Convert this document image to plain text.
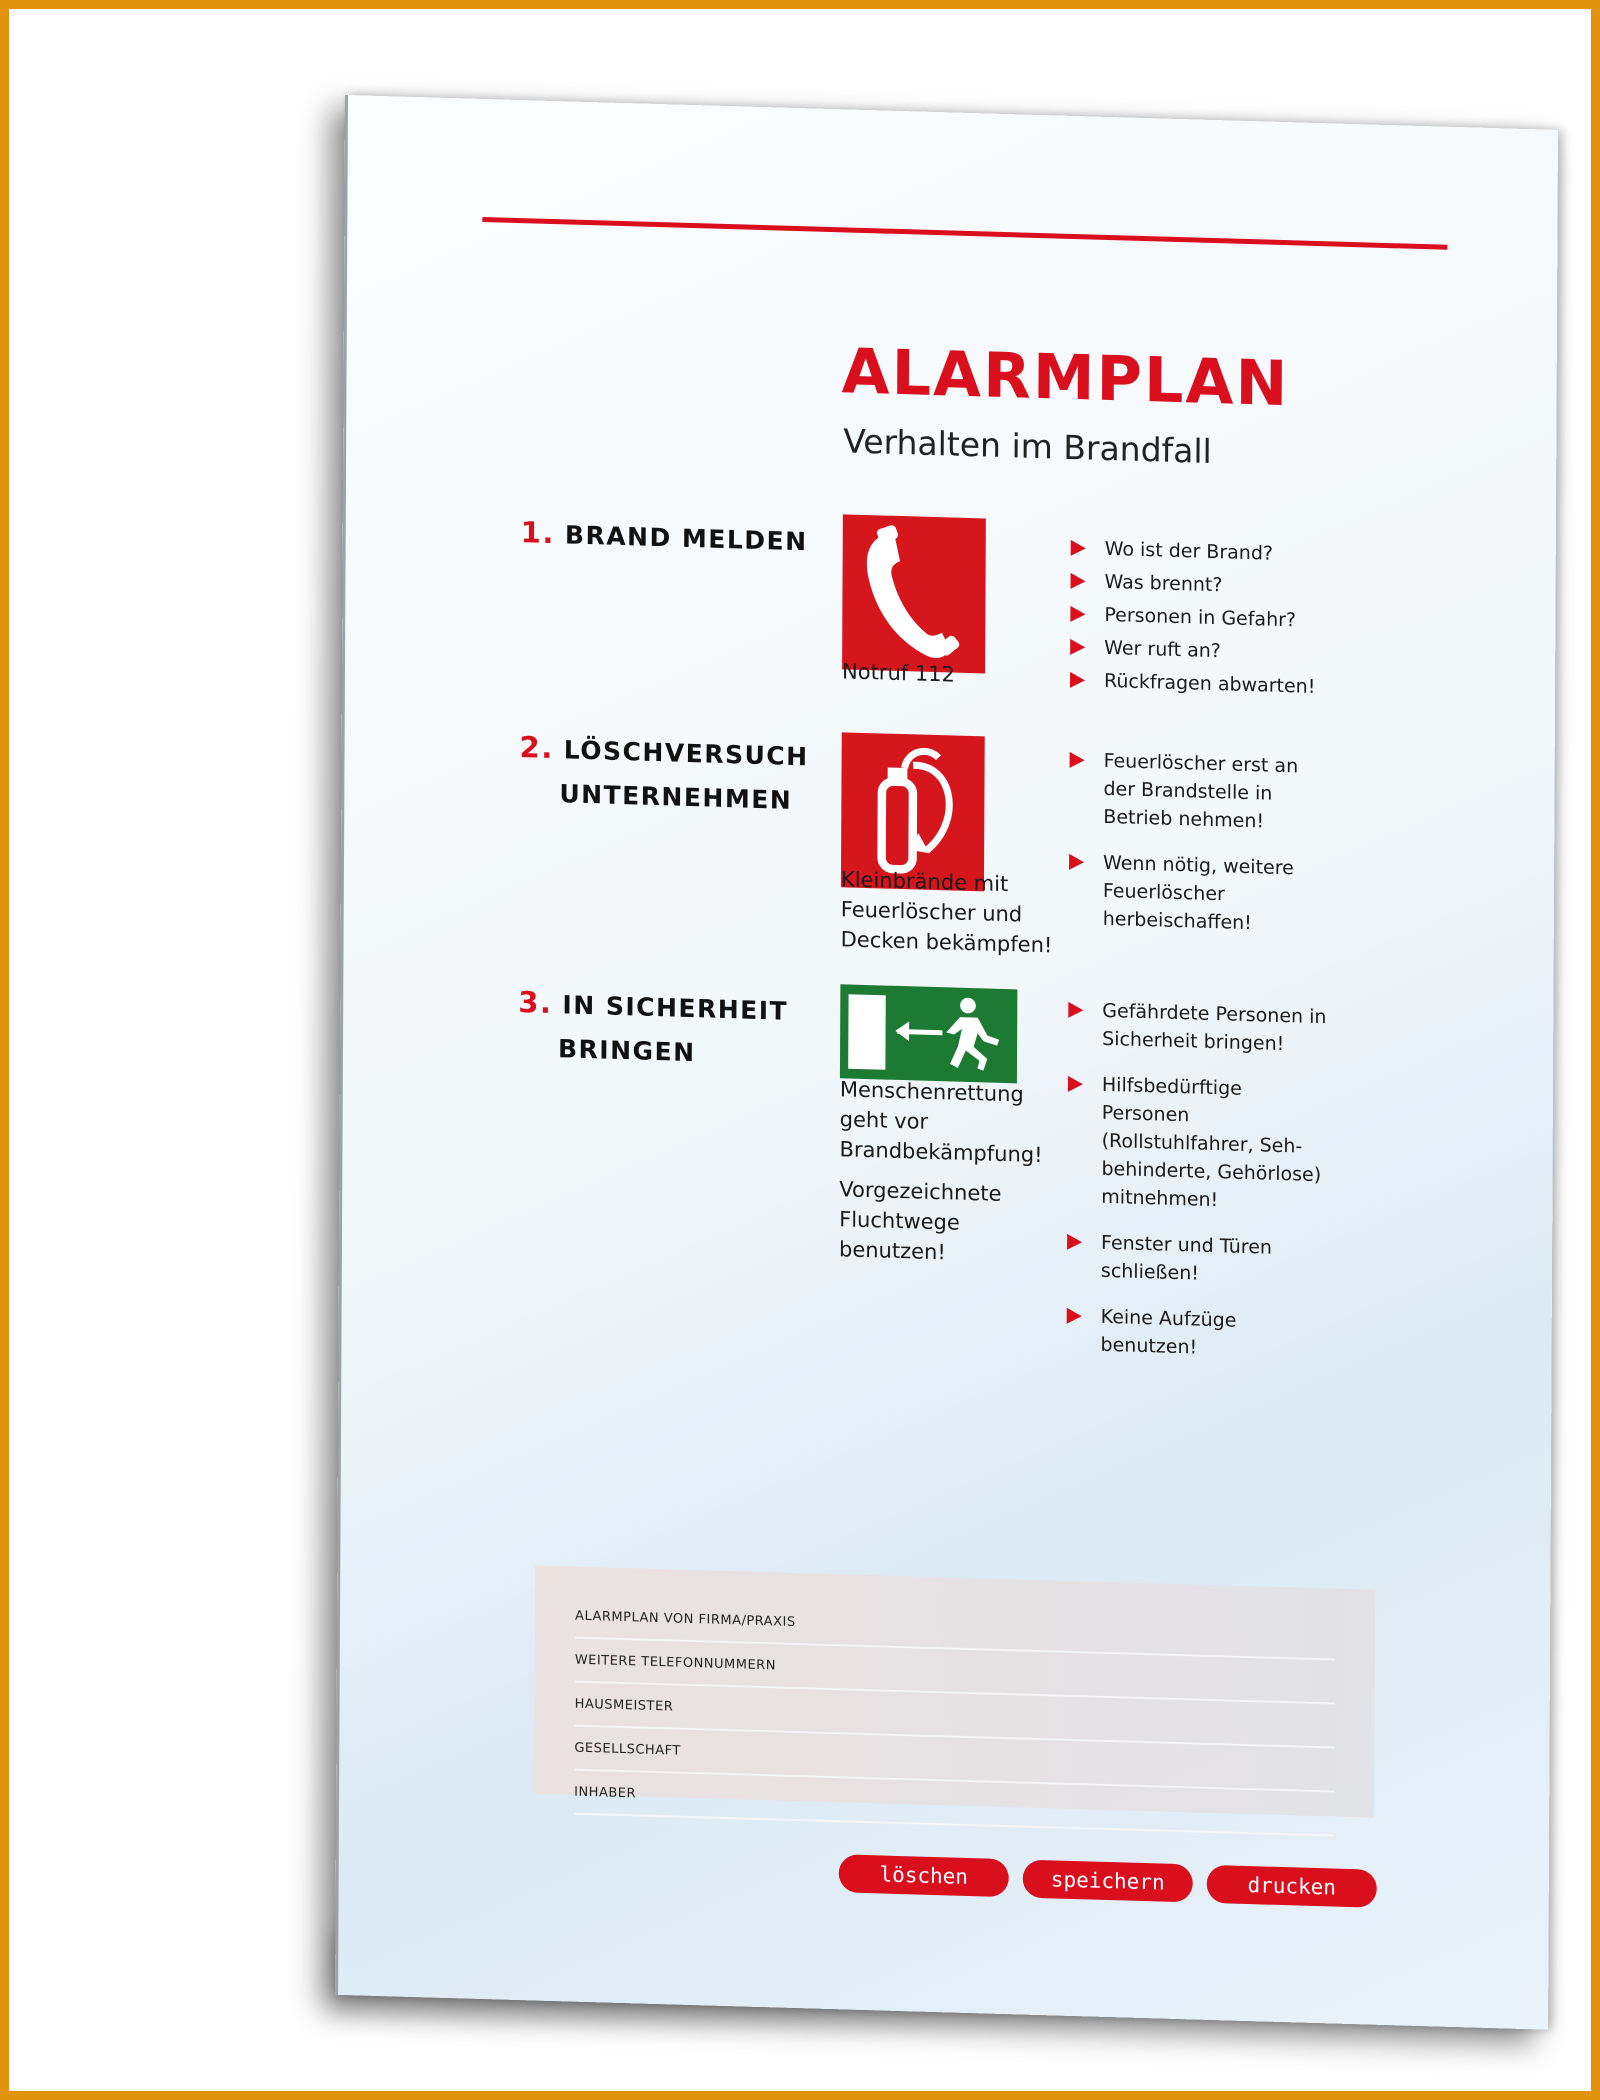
ALARMPLAN
Verhalten im Brandfall
1. BRAND MELDEN
Notruf 112
Wo ist der Brand?
Was brennt?
Personen in Gefahr?
Wer ruft an?
Rückfragen abwarten!
2. LÖSCHVERSUCH
UNTERNEHMEN
Kleinbrände mit Feuerlöscher und Decken bekämpfen!
Feuerlöscher erst an der Brandstelle in Betrieb nehmen!
Wenn nötig, weitere Feuerlöscher herbeischaffen!
3. IN SICHERHEIT
BRINGEN
Menschenrettung geht vor Brandbekämpfung!
Vorgezeichnete Fluchtwege benutzen!
Gefährdete Personen in Sicherheit bringen!
Hilfsbedürftige Personen (Rollstuhlfahrer, Seh-behinderte, Gehörlose) mitnehmen!
Fenster und Türen schließen!
Keine Aufzüge benutzen!
ALARMPLAN VON FIRMA/PRAXIS
WEITERE TELEFONNUMMERN
HAUSMEISTER
GESELLSCHAFT
INHABER
löschen	speichern	drucken
